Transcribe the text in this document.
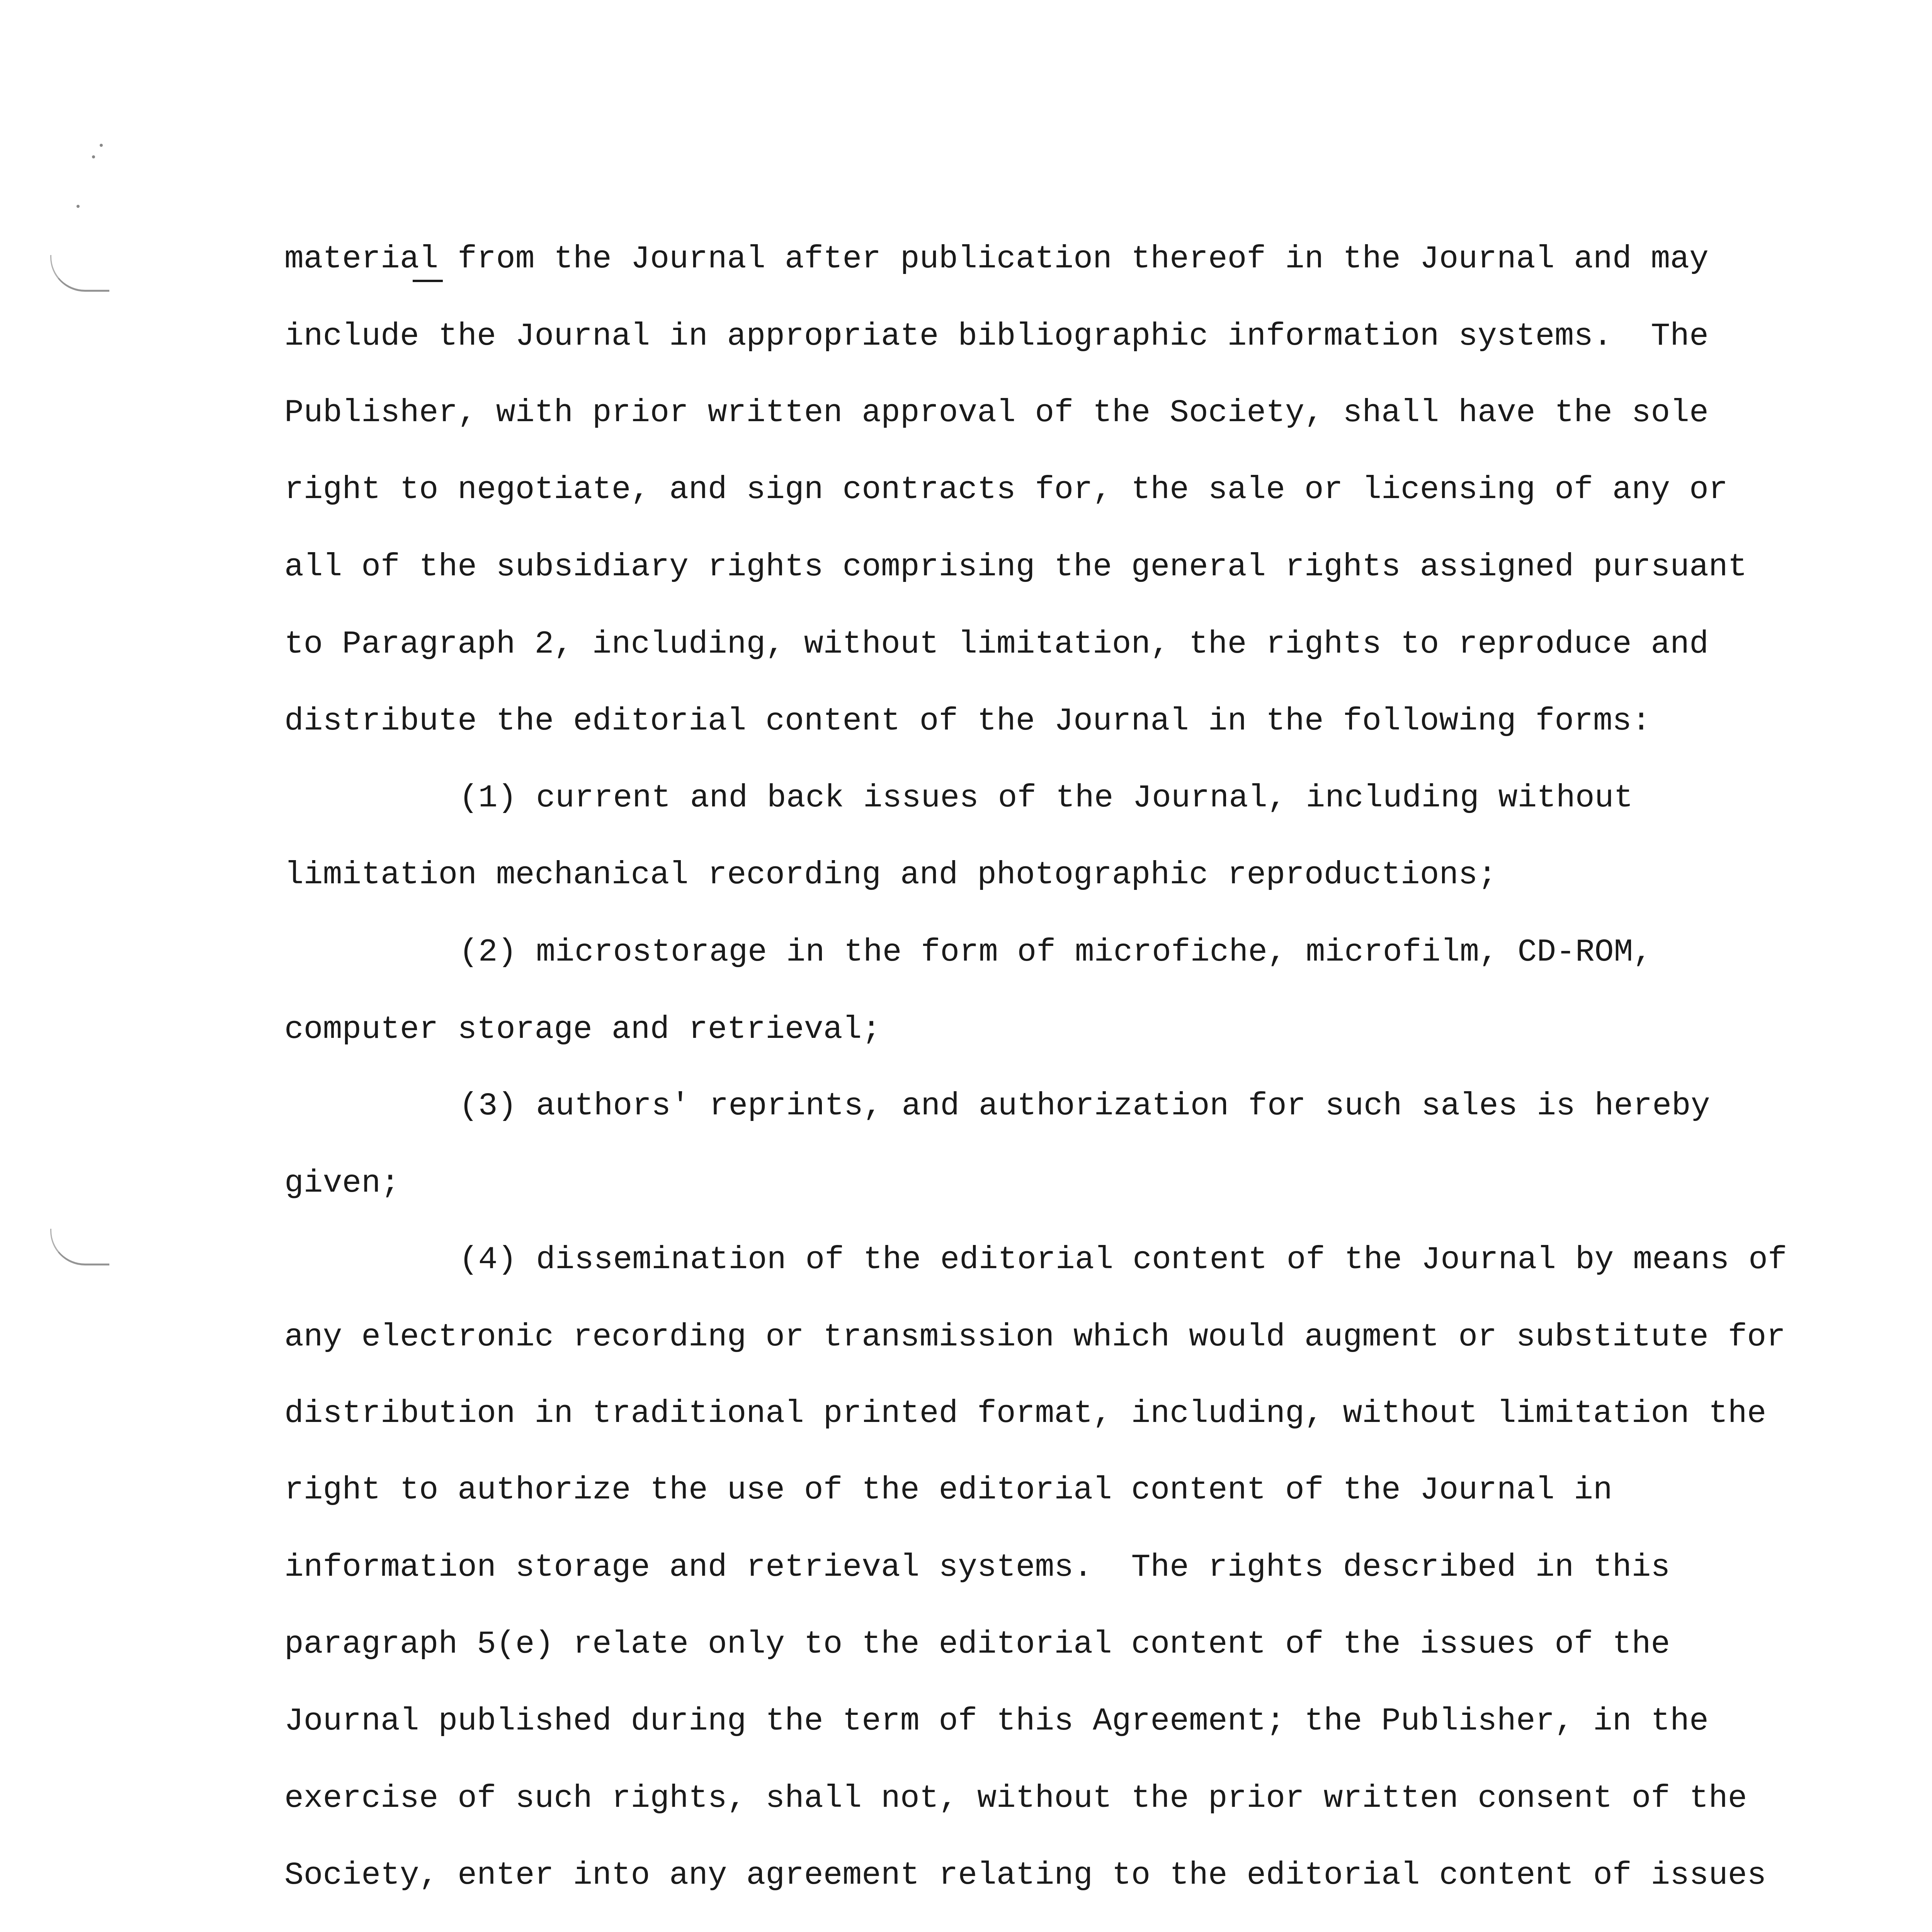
material from the Journal after publication thereof in the Journal and may

include the Journal in appropriate bibliographic information systems.  The

Publisher, with prior written approval of the Society, shall have the sole

right to negotiate, and sign contracts for, the sale or licensing of any or

all of the subsidiary rights comprising the general rights assigned pursuant

to Paragraph 2, including, without limitation, the rights to reproduce and

distribute the editorial content of the Journal in the following forms:

(1) current and back issues of the Journal, including without

limitation mechanical recording and photographic reproductions;

(2) microstorage in the form of microfiche, microfilm, CD-ROM,

computer storage and retrieval;

(3) authors' reprints, and authorization for such sales is hereby

given;

(4) dissemination of the editorial content of the Journal by means of

any electronic recording or transmission which would augment or substitute for

distribution in traditional printed format, including, without limitation the

right to authorize the use of the editorial content of the Journal in

information storage and retrieval systems.  The rights described in this

paragraph 5(e) relate only to the editorial content of the issues of the

Journal published during the term of this Agreement; the Publisher, in the

exercise of such rights, shall not, without the prior written consent of the

Society, enter into any agreement relating to the editorial content of issues
